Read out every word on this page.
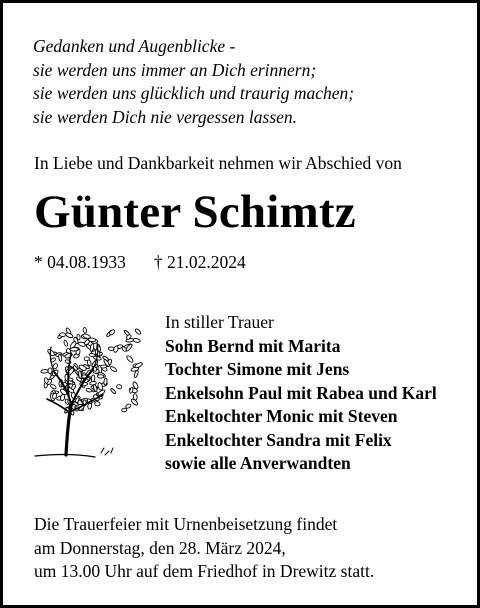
Gedanken und Augenblicke -
sie werden uns immer an Dich erinnern;
sie werden uns glücklich und traurig machen;
sie werden Dich nie vergessen lassen.

In Liebe und Dankbarkeit nehmen wir Abschied von

Günter Schimtz
* 04.08.1933 † 21.02.2024
In stiller Trauer
Sohn Bernd mit Marita
Tochter Simone mit Jens
Enkelsohn Paul mit Rabea und Karl
Enkeltochter Monic mit Steven
Enkeltochter Sandra mit Felix
sowie alle Anverwandten
Die Trauerfeier mit Urnenbeisetzung findet
am Donnerstag, den 28. März 2024,
um 13.00 Uhr auf dem Friedhof in Drewitz statt.
